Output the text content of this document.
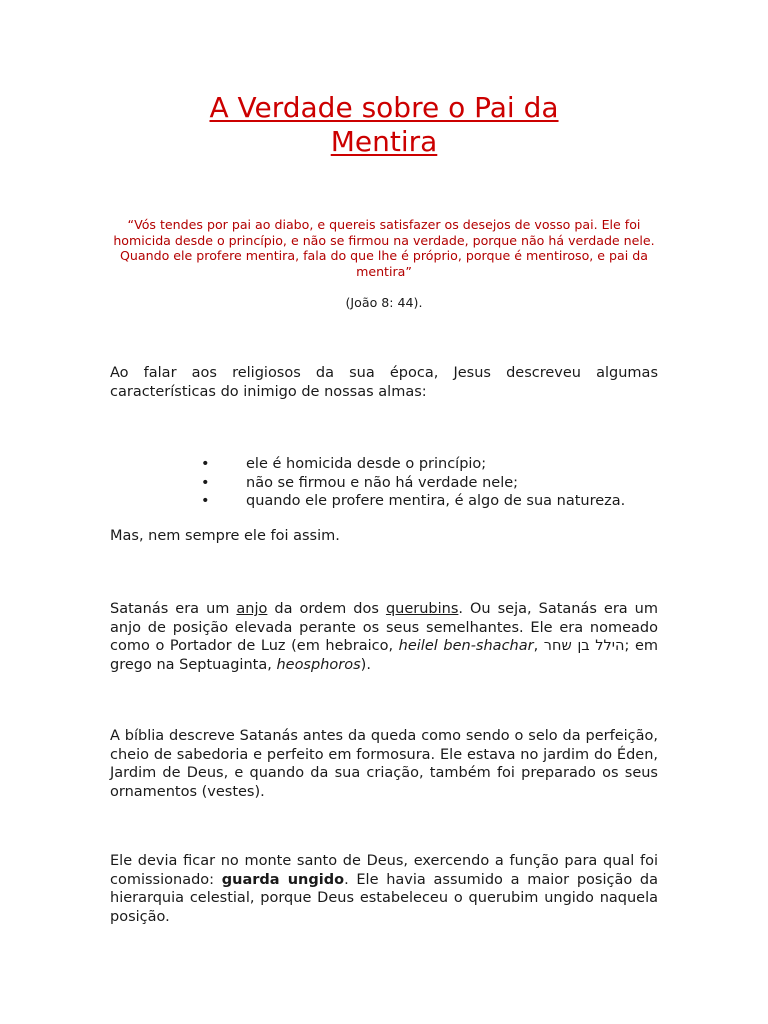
A Verdade sobre o Pai da
Mentira

“Vós tendes por pai ao diabo, e quereis satisfazer os desejos de vosso pai. Ele foi homicida desde o princípio, e não se firmou na verdade, porque não há verdade nele. Quando ele profere mentira, fala do que lhe é próprio, porque é mentiroso, e pai da mentira”

(João 8: 44).

Ao falar aos religiosos da sua época, Jesus descreveu algumas características do inimigo de nossas almas:

•	ele é homicida desde o princípio;
•	não se firmou e não há verdade nele;
•	quando ele profere mentira, é algo de sua natureza.

Mas, nem sempre ele foi assim.

Satanás era um anjo da ordem dos querubins. Ou seja, Satanás era um anjo de posição elevada perante os seus semelhantes. Ele era nomeado como o Portador de Luz (em hebraico, heilel ben-shachar, הילל בן שחר; em grego na Septuaginta, heosphoros).

A bíblia descreve Satanás antes da queda como sendo o selo da perfeição, cheio de sabedoria e perfeito em formosura. Ele estava no jardim do Éden, Jardim de Deus, e quando da sua criação, também foi preparado os seus ornamentos (vestes).

Ele devia ficar no monte santo de Deus, exercendo a função para qual foi comissionado: guarda ungido. Ele havia assumido a maior posição da hierarquia celestial, porque Deus estabeleceu o querubim ungido naquela posição.
